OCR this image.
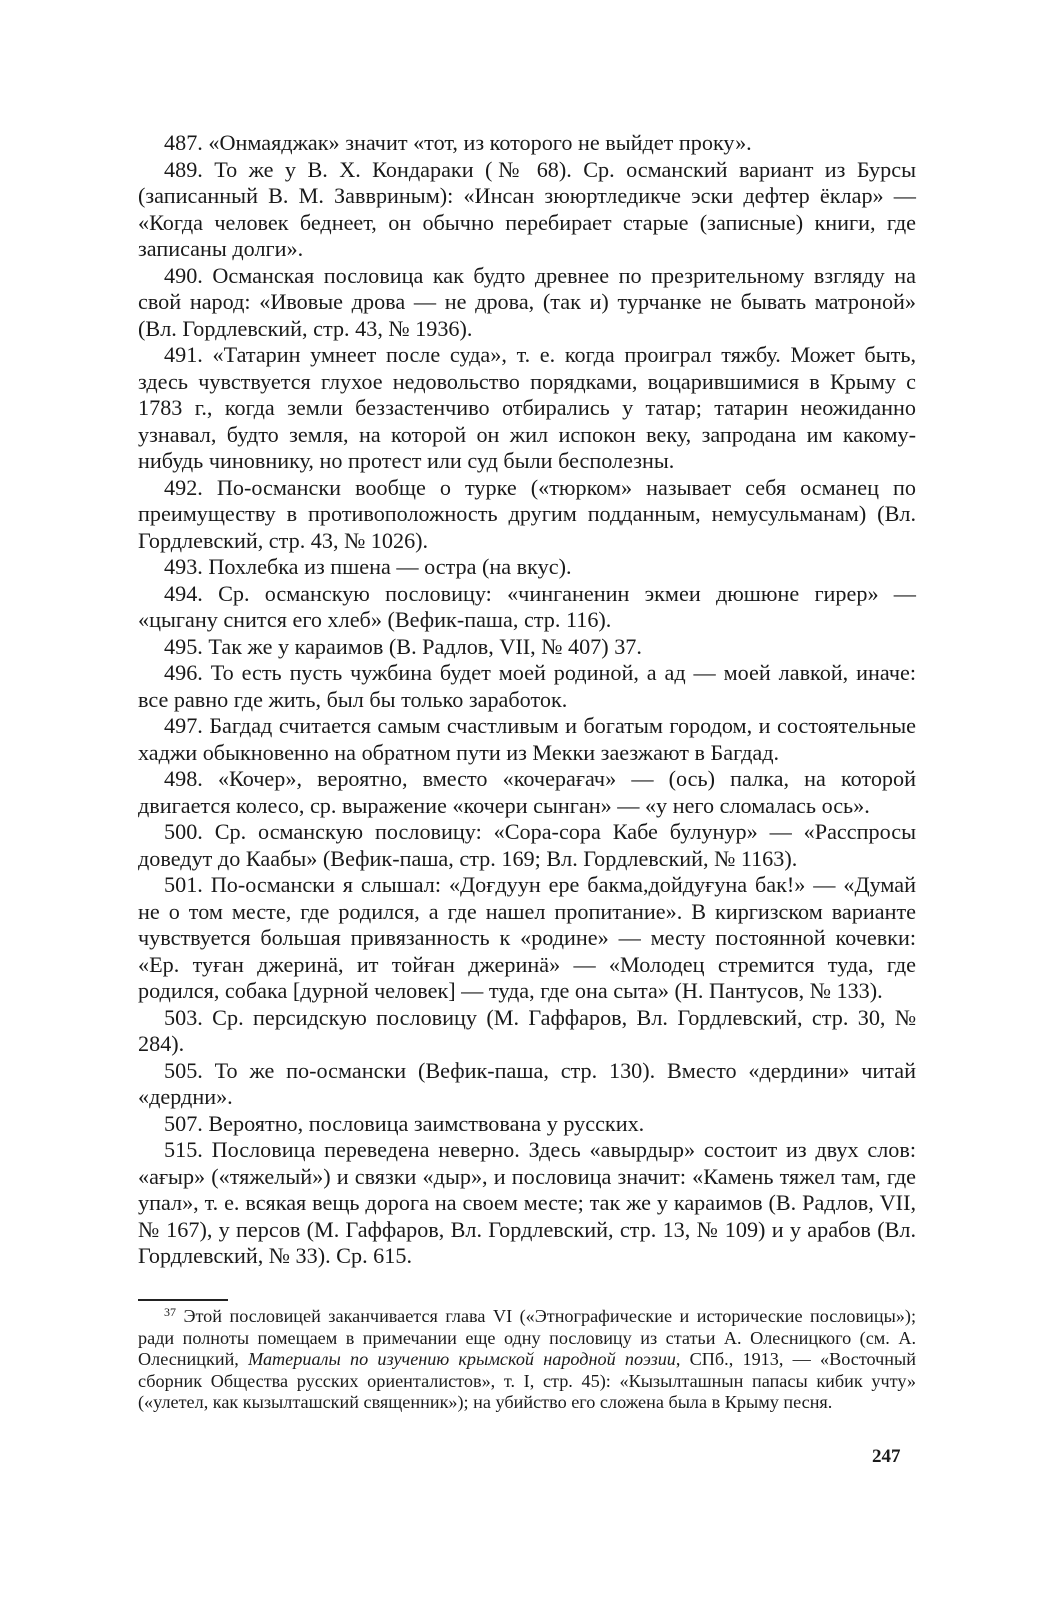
487. «Онмаяджак» значит «тот, из которого не выйдет проку».

489. То же у В. X. Кондараки (№ 68). Ср. османский вариант из Бурсы (записанный В. М. Заввриным): «Инсан зююртледикче эски дефтер ёклар» — «Когда человек беднеет, он обычно перебирает старые (записные) книги, где записаны долги».

490. Османская пословица как будто древнее по презрительному взгляду на свой народ: «Ивовые дрова — не дрова, (так и) турчанке не бывать матроной» (Вл. Гордлевский, стр. 43, № 1936).

491. «Татарин умнеет после суда», т. е. когда проиграл тяжбу. Может быть, здесь чувствуется глухое недовольство порядками, воцарившимися в Крыму с 1783 г., когда земли беззастенчиво отбирались у татар; татарин неожиданно узнавал, будто земля, на которой он жил испокон веку, запродана им какому-нибудь чиновнику, но протест или суд были бесполезны.

492. По-османски вообще о турке («тюрком» называет себя османец по преимуществу в противоположность другим подданным, немусульманам) (Вл. Гордлевский, стр. 43, № 1026).

493. Похлебка из пшена — остра (на вкус).

494. Ср. османскую пословицу: «чинганенин экмеи дюшюне гирер» — «цыгану снится его хлеб» (Вефик-паша, стр. 116).

495. Так же у караимов (В. Радлов, VII, № 407) 37.

496. То есть пусть чужбина будет моей родиной, а ад — моей лавкой, иначе: все равно где жить, был бы только заработок.

497. Багдад считается самым счастливым и богатым городом, и состоятельные хаджи обыкновенно на обратном пути из Мекки заезжают в Багдад.

498. «Кочер», вероятно, вместо «кочерағач» — (ось) палка, на которой двигается колесо, ср. выражение «кочери сынган» — «у него сломалась ось».

500. Ср. османскую пословицу: «Сора-сора Кабе булунур» — «Расспросы доведут до Каабы» (Вефик-паша, стр. 169; Вл. Гордлевский, № 1163).

501. По-османски я слышал: «Доғдуун ере бакма,дойдуғуна бак!» — «Думай не о том месте, где родился, а где нашел пропитание». В киргизском варианте чувствуется большая привязанность к «родине» — месту постоянной кочевки: «Ер. туған джеринä, ит тойған джеринä» — «Молодец стремится туда, где родился, собака [дурной человек] — туда, где она сыта» (Н. Пантусов, № 133).

503. Ср. персидскую пословицу (М. Гаффаров, Вл. Гордлевский, стр. 30, № 284).

505. То же по-османски (Вефик-паша, стр. 130). Вместо «дердини» читай «дердни».

507. Вероятно, пословица заимствована у русских.

515. Пословица переведена неверно. Здесь «авырдыр» состоит из двух слов: «ағыр» («тяжелый») и связки «дыр», и пословица значит: «Камень тяжел там, где упал», т. е. всякая вещь дорога на своем месте; так же у караимов (В. Радлов, VII, № 167), у персов (М. Гаффаров, Вл. Гордлевский, стр. 13, № 109) и у арабов (Вл. Гордлевский, № 33). Ср. 615.

$^{37}$ Этой пословицей заканчивается глава VI («Этнографические и исторические пословицы»); ради полноты помещаем в примечании еще одну пословицу из статьи А. Олесницкого (см. А. Олесницкий, Материалы по изучению крымской народной поэзии, СПб., 1913, — «Восточный сборник Общества русских ориенталистов», т. I, стр. 45): «Кызылташнын папасы кибик учту» («улетел, как кызылташский священник»); на убийство его сложена была в Крыму песня.

247
